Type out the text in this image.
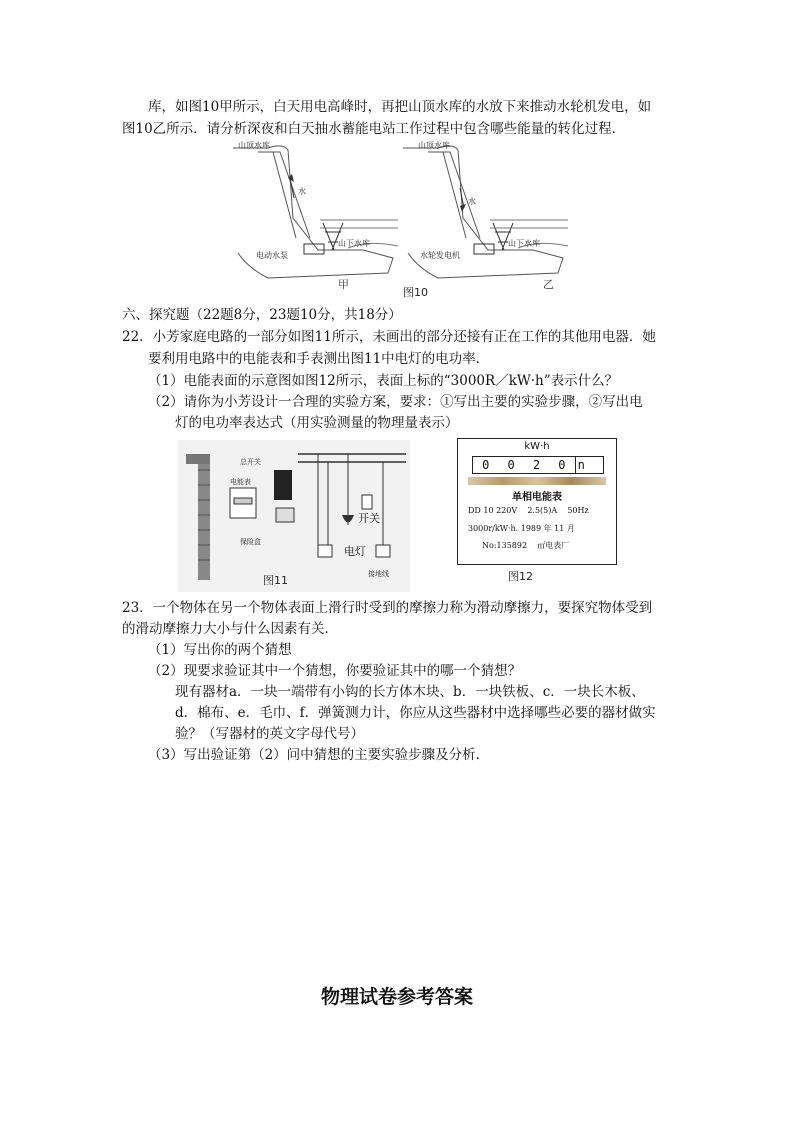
库，如图10甲所示，白天用电高峰时，再把山顶水库的水放下来推动水轮机发电，如
图10乙所示．请分析深夜和白天抽水蓄能电站工作过程中包含哪些能量的转化过程．
山顶水库
水
电动水泵
山下水库
甲
山顶水库
水
水轮发电机
山下水库
乙
图10
六、探究题（22题8分，23题10分，共18分）
22．小芳家庭电路的一部分如图11所示，未画出的部分还接有正在工作的其他用电器．她
要利用电路中的电能表和手表测出图11中电灯的电功率．
（1）电能表面的示意图如图12所示，表面上标的“3000R／kW·h”表示什么？
（2）请你为小芳设计一合理的实验方案，要求：①写出主要的实验步骤，②写出电
灯的电功率表达式（用实验测量的物理量表示）
总开关
电能表
保险盒
开关
电灯
接地线
图11
kW·h
0	0	2	0	n
单相电能表
DD 10 220V    2.5(5)A    50Hz
3000r/kW·h. 1989 年 11 月
No:135892    ㎡电表厂
图12
23．一个物体在另一个物体表面上滑行时受到的摩擦力称为滑动摩擦力，要探究物体受到
的滑动摩擦力大小与什么因素有关．
（1）写出你的两个猜想
（2）现要求验证其中一个猜想，你要验证其中的哪一个猜想？
现有器材a．一块一端带有小钩的长方体木块、b．一块铁板、c．一块长木板、
d．棉布、e．毛巾、f．弹簧测力计，你应从这些器材中选择哪些必要的器材做实
验？（写器材的英文字母代号）
（3）写出验证第（2）问中猜想的主要实验步骤及分析．
物理试卷参考答案
